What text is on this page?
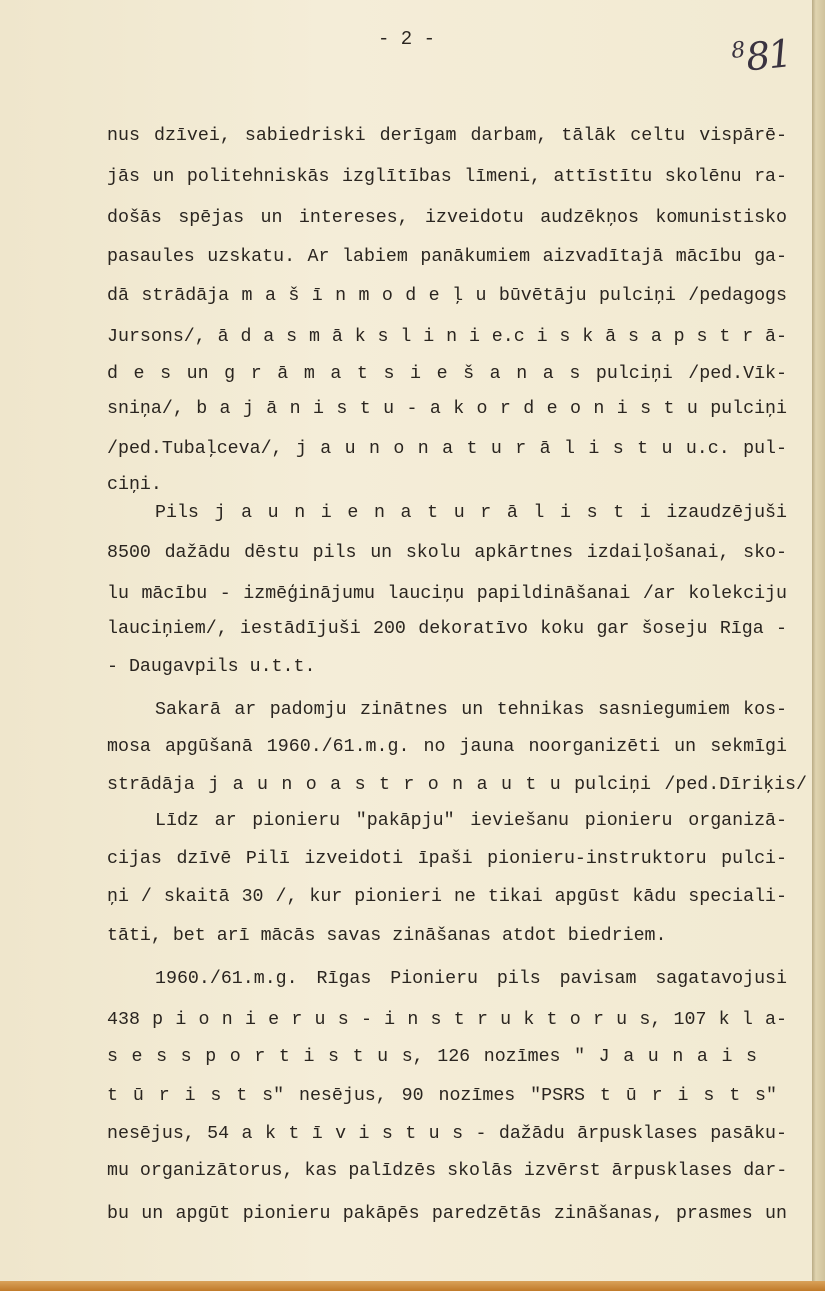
- 2 -	$^8$81
nus dzīvei, sabiedriski derīgam darbam, tālāk celtu vispārē-
jās un politehniskās izglītības līmeni, attīstītu skolēnu ra-
došās spējas un intereses, izveidotu audzēkņos komunistisko
pasaules uzskatu. Ar labiem panākumiem aizvadītajā mācību ga-
dā strādāja m a š ī n m o d e ļ u būvētāju pulciņi /pedagogs
Jursons/, ā d a s m ā k s l i n i e.c i s k ā s a p s t r ā-
d e s un g r ā m a t s i e š a n a s pulciņi /ped.Vīk-
sniņa/, b a j ā n i s t u - a k o r d e o n i s t u pulciņi
/ped.Tubaļceva/, j a u n o n a t u r ā l i s t u u.c. pul-
ciņi.
Pils j a u n i e n a t u r ā l i s t i izaudzējuši
8500 dažādu dēstu pils un skolu apkārtnes izdaiļošanai, sko-
lu mācību - izmēģinājumu lauciņu papildināšanai /ar kolekciju
lauciņiem/, iestādījuši 200 dekoratīvo koku gar šoseju Rīga -
- Daugavpils u.t.t.
Sakarā ar padomju zinātnes un tehnikas sasniegumiem kos-
mosa apgūšanā 1960./61.m.g. no jauna noorganizēti un sekmīgi
strādāja j a u n o a s t r o n a u t u pulciņi /ped.Dīriķis/
Līdz ar pionieru "pakāpju" ieviešanu pionieru organizā-
cijas dzīvē Pilī izveidoti īpaši pionieru-instruktoru pulci-
ņi / skaitā 30 /, kur pionieri ne tikai apgūst kādu speciali-
tāti, bet arī mācās savas zināšanas atdot biedriem.
1960./61.m.g. Rīgas Pionieru pils pavisam sagatavojusi
438 p i o n i e r u s - i n s t r u k t o r u s, 107 k l a-
s e s s p o r t i s t u s, 126 nozīmes " J a u n a i s
t ū r i s t s" nesējus, 90 nozīmes "PSRS t ū r i s t s"
nesējus, 54 a k t ī v i s t u s - dažādu ārpusklases pasāku-
mu organizātorus, kas palīdzēs skolās izvērst ārpusklases dar-
bu un apgūt pionieru pakāpēs paredzētās zināšanas, prasmes un
